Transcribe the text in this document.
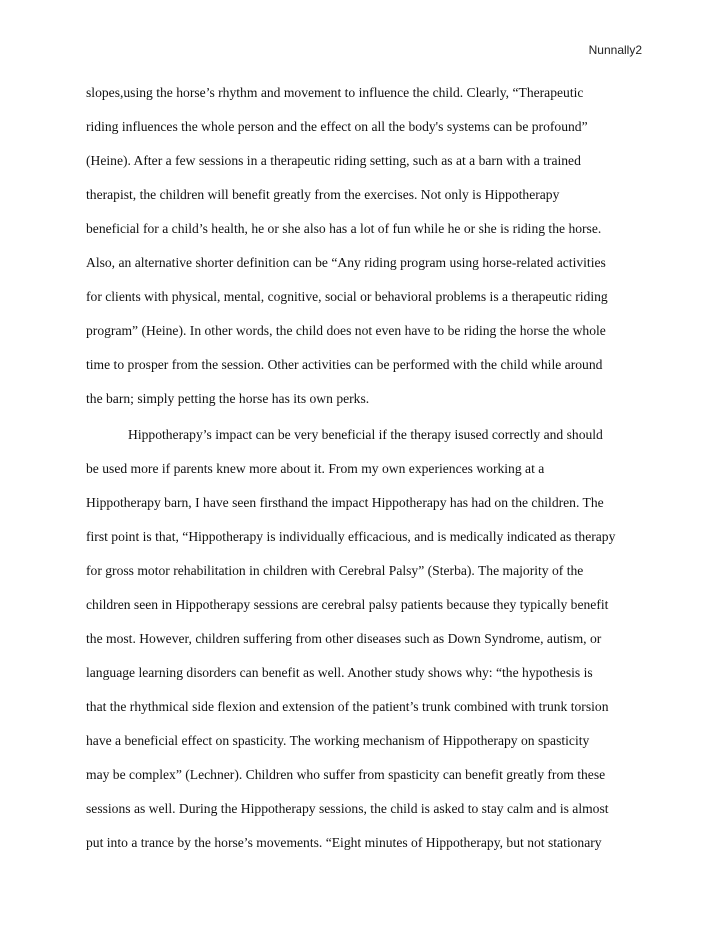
Nunnally2
slopes,using the horse’s rhythm and movement to influence the child. Clearly, “Therapeutic
riding influences the whole person and the effect on all the body's systems can be profound”
(Heine). After a few sessions in a therapeutic riding setting, such as at a barn with a trained
therapist, the children will benefit greatly from the exercises. Not only is Hippotherapy
beneficial for a child’s health, he or she also has a lot of fun while he or she is riding the horse.
Also, an alternative shorter definition can be “Any riding program using horse-related activities
for clients with physical, mental, cognitive, social or behavioral problems is a therapeutic riding
program” (Heine). In other words, the child does not even have to be riding the horse the whole
time to prosper from the session. Other activities can be performed with the child while around
the barn; simply petting the horse has its own perks.
Hippotherapy’s impact can be very beneficial if the therapy isused correctly and should
be used more if parents knew more about it. From my own experiences working at a
Hippotherapy barn, I have seen firsthand the impact Hippotherapy has had on the children. The
first point is that, “Hippotherapy is individually efficacious, and is medically indicated as therapy
for gross motor rehabilitation in children with Cerebral Palsy” (Sterba). The majority of the
children seen in Hippotherapy sessions are cerebral palsy patients because they typically benefit
the most. However, children suffering from other diseases such as Down Syndrome, autism, or
language learning disorders can benefit as well. Another study shows why: “the hypothesis is
that the rhythmical side flexion and extension of the patient’s trunk combined with trunk torsion
have a beneficial effect on spasticity. The working mechanism of Hippotherapy on spasticity
may be complex” (Lechner). Children who suffer from spasticity can benefit greatly from these
sessions as well. During the Hippotherapy sessions, the child is asked to stay calm and is almost
put into a trance by the horse’s movements. “Eight minutes of Hippotherapy, but not stationary
